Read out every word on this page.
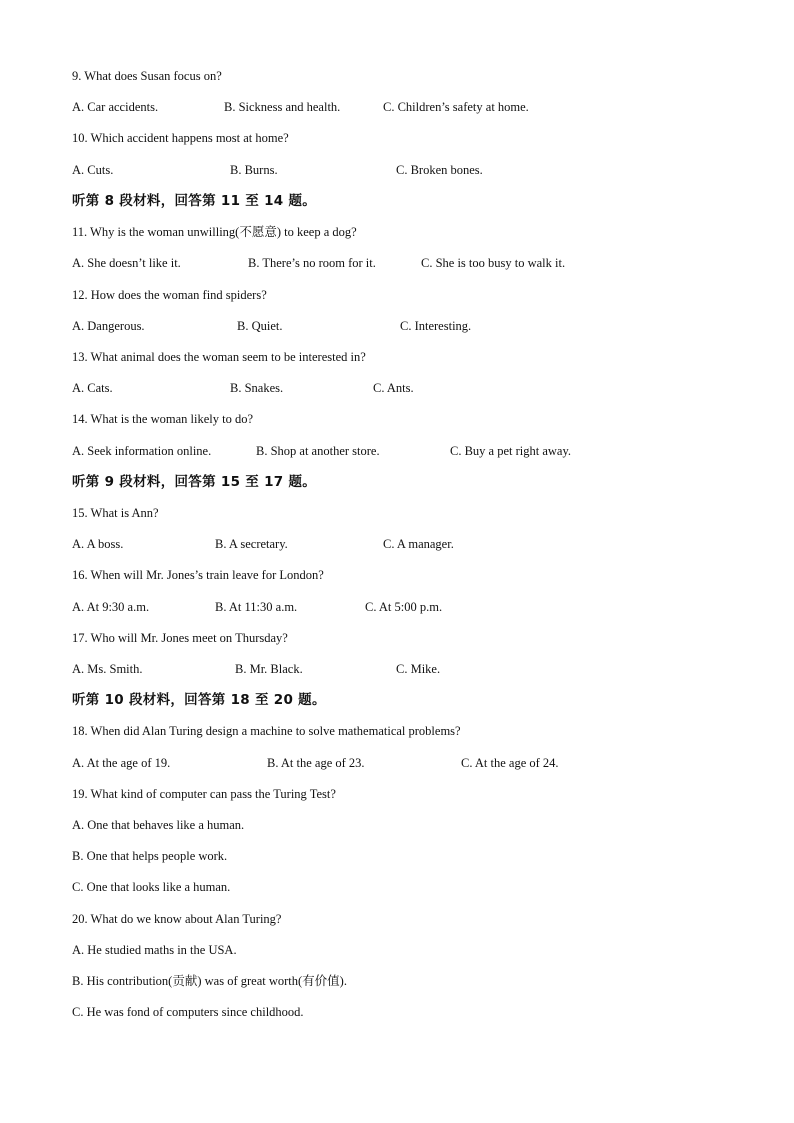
9. What does Susan focus on?
A. Car accidents.	B. Sickness and health.	C. Children’s safety at home.
10. Which accident happens most at home?
A. Cuts.	B. Burns.	C. Broken bones.
听第 8 段材料，回答第 11 至 14 题。
11. Why is the woman unwilling(不愿意) to keep a dog?
A. She doesn’t like it.	B. There’s no room for it.	C. She is too busy to walk it.
12. How does the woman find spiders?
A. Dangerous.	B. Quiet.	C. Interesting.
13. What animal does the woman seem to be interested in?
A. Cats.	B. Snakes.	C. Ants.
14. What is the woman likely to do?
A. Seek information online.	B. Shop at another store.	C. Buy a pet right away.
听第 9 段材料，回答第 15 至 17 题。
15. What is Ann?
A. A boss.	B. A secretary.	C. A manager.
16. When will Mr. Jones’s train leave for London?
A. At 9:30 a.m.	B. At 11:30 a.m.	C. At 5:00 p.m.
17. Who will Mr. Jones meet on Thursday?
A. Ms. Smith.	B. Mr. Black.	C. Mike.
听第 10 段材料，回答第 18 至 20 题。
18. When did Alan Turing design a machine to solve mathematical problems?
A. At the age of 19.	B. At the age of 23.	C. At the age of 24.
19. What kind of computer can pass the Turing Test?
A. One that behaves like a human.
B. One that helps people work.
C. One that looks like a human.
20. What do we know about Alan Turing?
A. He studied maths in the USA.
B. His contribution(贡献) was of great worth(有价值).
C. He was fond of computers since childhood.
